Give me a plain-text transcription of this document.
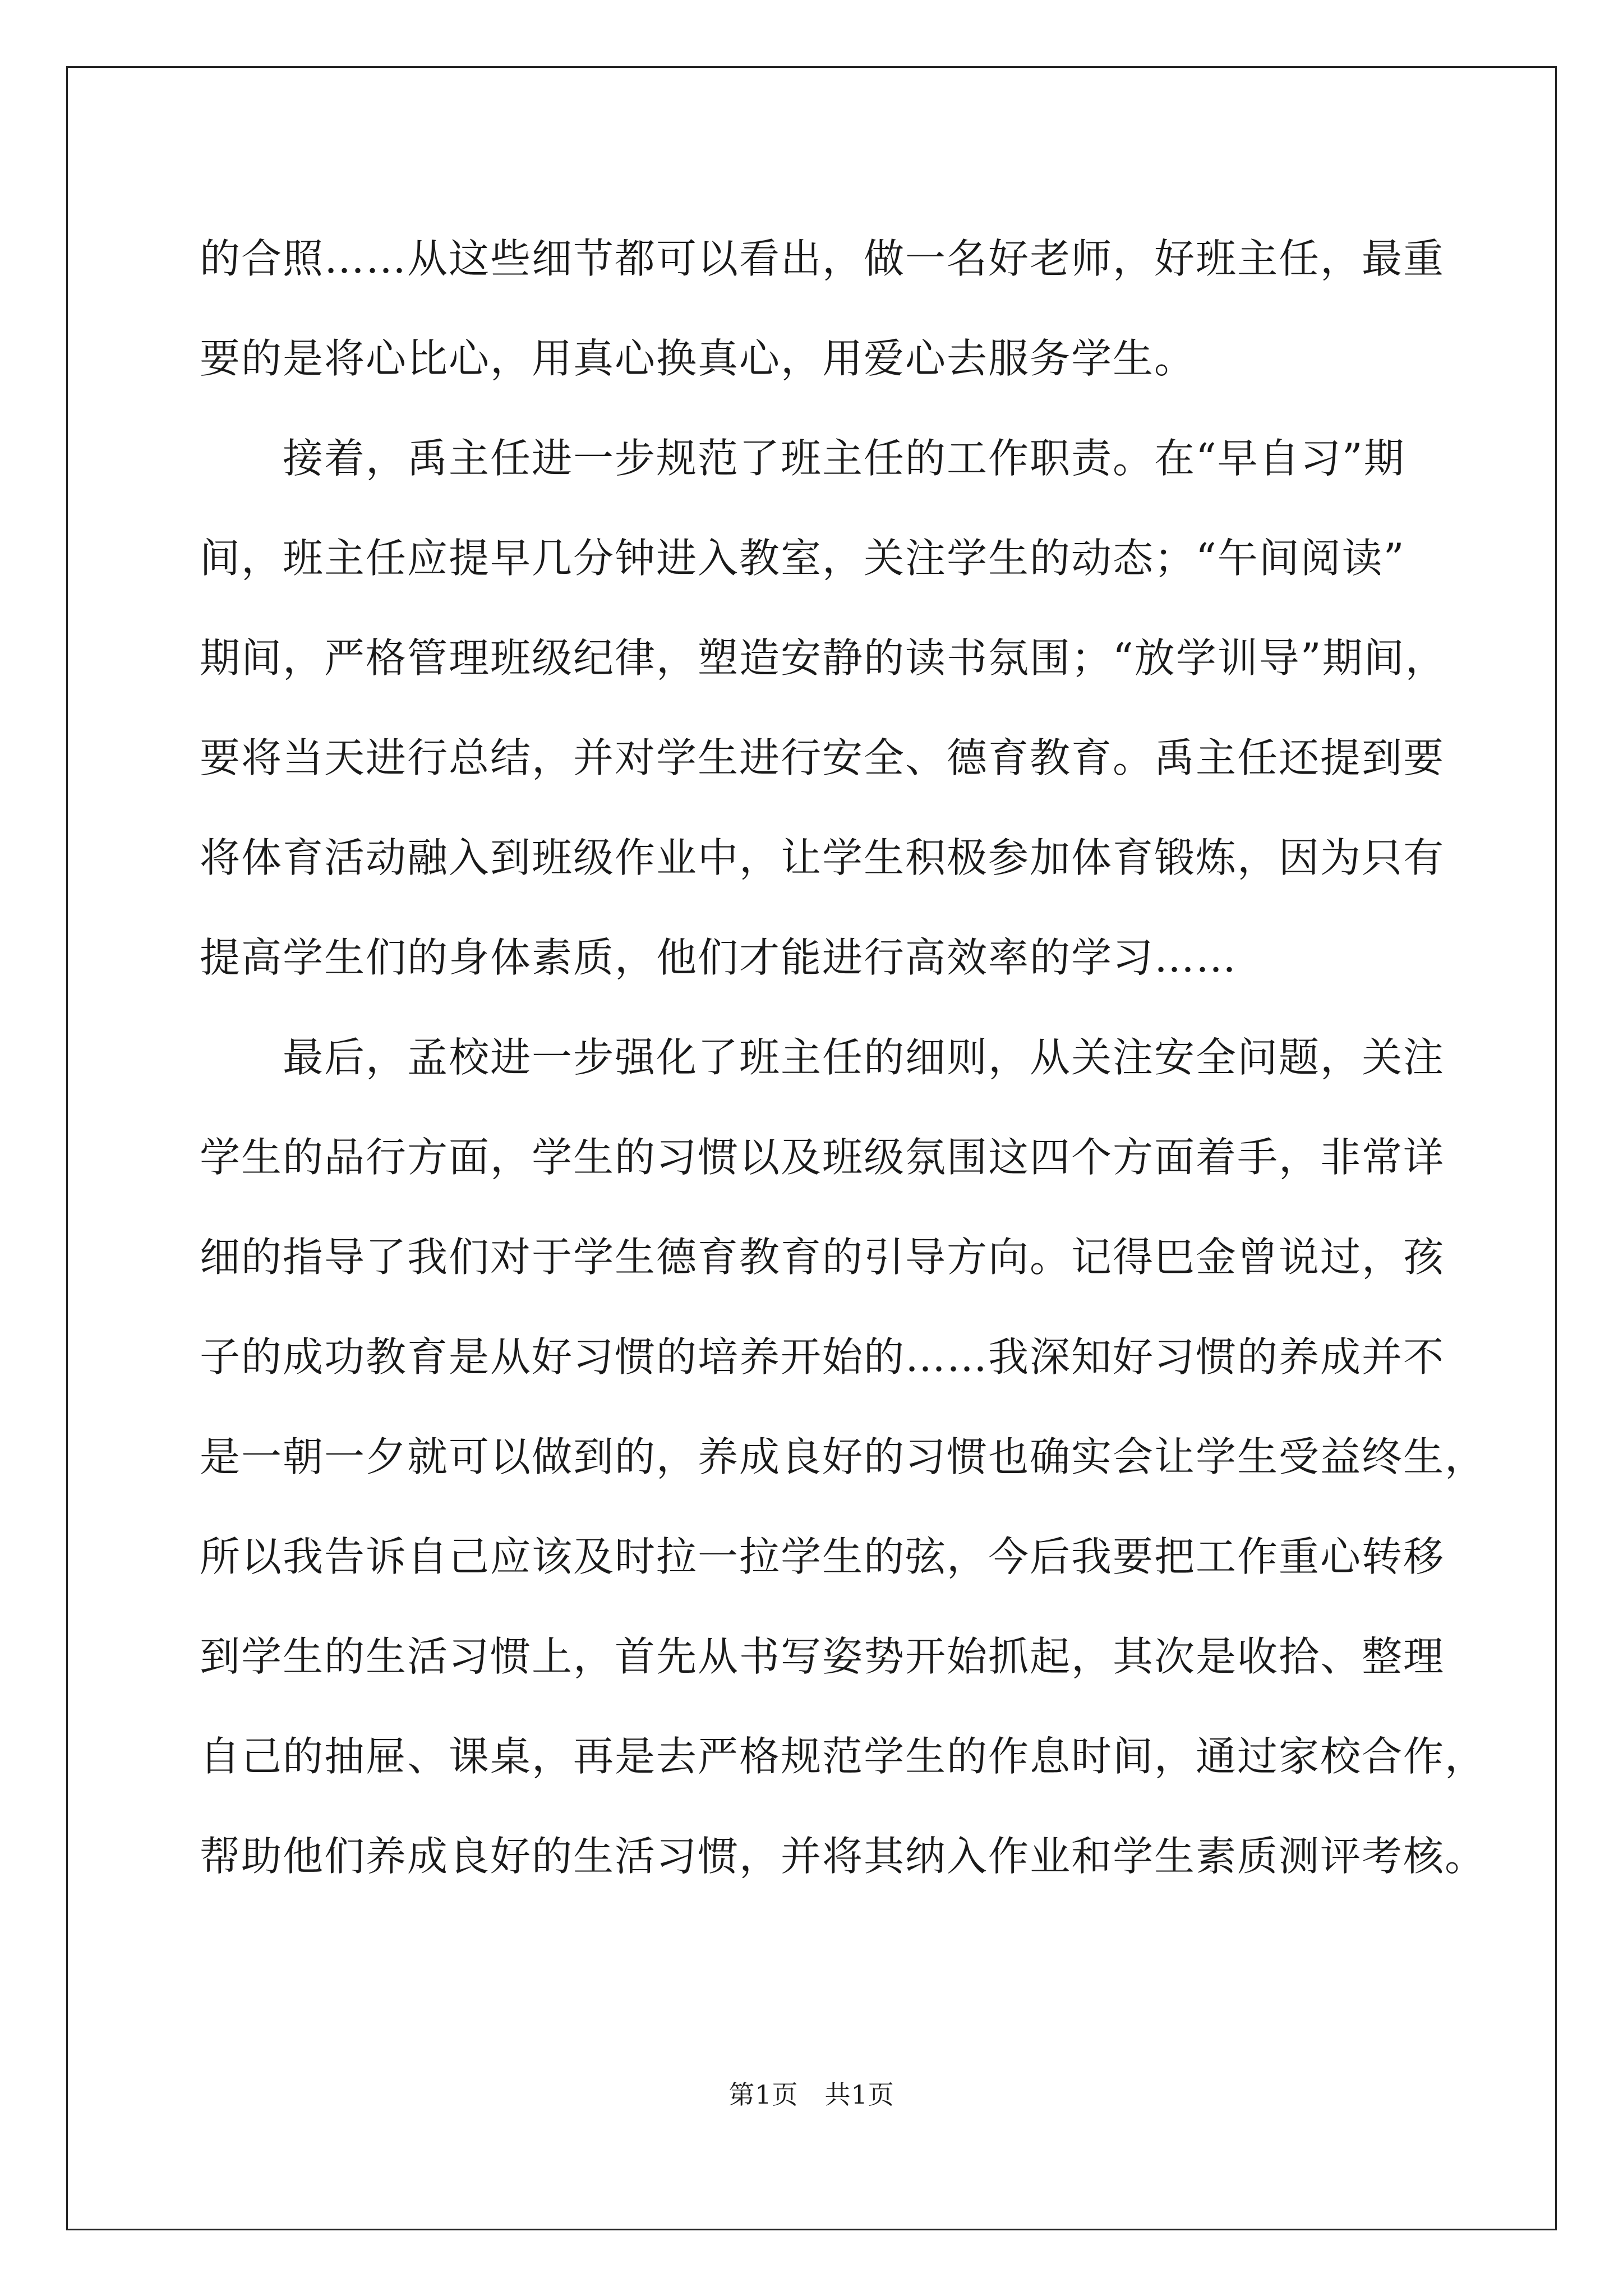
的合照……从这些细节都可以看出，做一名好老师，好班主任，最重
要的是将心比心，用真心换真心，用爱心去服务学生。
接着，禹主任进一步规范了班主任的工作职责。在“早自习”期
间，班主任应提早几分钟进入教室，关注学生的动态；“午间阅读”
期间，严格管理班级纪律，塑造安静的读书氛围；“放学训导”期间，
要将当天进行总结，并对学生进行安全、德育教育。禹主任还提到要
将体育活动融入到班级作业中，让学生积极参加体育锻炼，因为只有
提高学生们的身体素质，他们才能进行高效率的学习……
最后，孟校进一步强化了班主任的细则，从关注安全问题，关注
学生的品行方面，学生的习惯以及班级氛围这四个方面着手，非常详
细的指导了我们对于学生德育教育的引导方向。记得巴金曾说过，孩
子的成功教育是从好习惯的培养开始的……我深知好习惯的养成并不
是一朝一夕就可以做到的，养成良好的习惯也确实会让学生受益终生，
所以我告诉自己应该及时拉一拉学生的弦，今后我要把工作重心转移
到学生的生活习惯上，首先从书写姿势开始抓起，其次是收拾、整理
自己的抽屉、课桌，再是去严格规范学生的作息时间，通过家校合作，
帮助他们养成良好的生活习惯，并将其纳入作业和学生素质测评考核。
第1页　共1页
